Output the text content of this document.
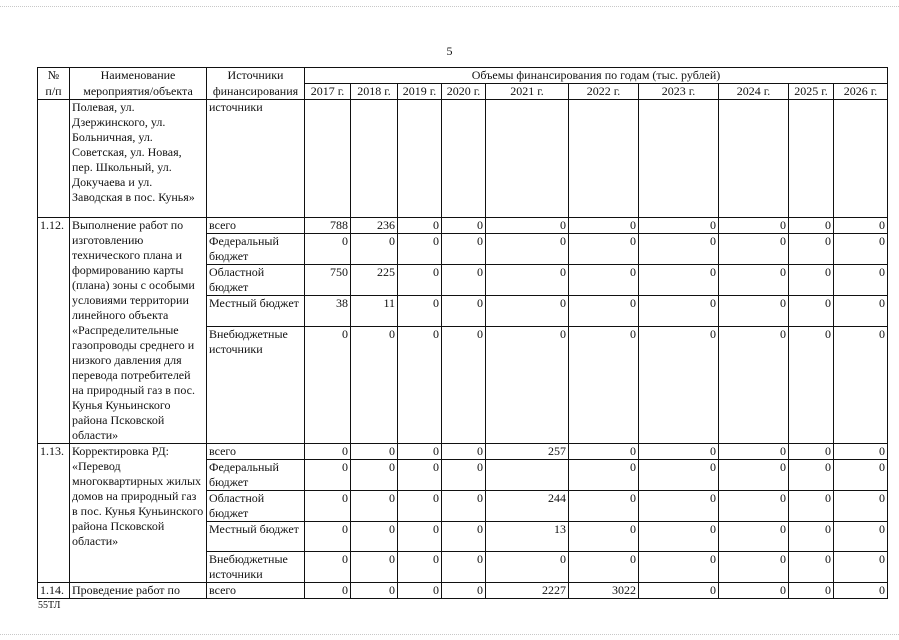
5
№	Наименование	Источники	Объемы финансирования по годам (тыс. рублей)									
п/п	мероприятия/объекта	финансирования	2017 г.	2018 г.	2019 г.	2020 г.	2021 г.	2022 г.	2023 г.	2024 г.	2025 г.	2026 г.
	Полевая, ул. Дзержинского, ул. Больничная, ул. Советская, ул. Новая, пер. Школьный, ул. Докучаева и ул. Заводская в пос. Кунья»	источники										
1.12.	Выполнение работ по изготовлению технического плана и формированию карты (плана) зоны с особыми условиями территории линейного объекта «Распределительные газопроводы среднего и низкого давления для перевода потребителей на природный газ в пос. Кунья Куньинского района Псковской области»	всего	788	236	0	0	0	0	0	0	0	0
		Федеральный бюджет	0	0	0	0	0	0	0	0	0	0
		Областной бюджет	750	225	0	0	0	0	0	0	0	0
		Местный бюджет	38	11	0	0	0	0	0	0	0	0
		Внебюджетные источники	0	0	0	0	0	0	0	0	0	0
1.13.	Корректировка РД: «Перевод многоквартирных жилых домов на природный газ в пос. Кунья Куньинского района Псковской области»	всего	0	0	0	0	257	0	0	0	0	0
		Федеральный бюджет	0	0	0	0		0	0	0	0	0
		Областной бюджет	0	0	0	0	244	0	0	0	0	0
		Местный бюджет	0	0	0	0	13	0	0	0	0	0
		Внебюджетные источники	0	0	0	0	0	0	0	0	0	0
1.14.	Проведение работ по	всего	0	0	0	0	2227	3022	0	0	0	0
55ТЛ
